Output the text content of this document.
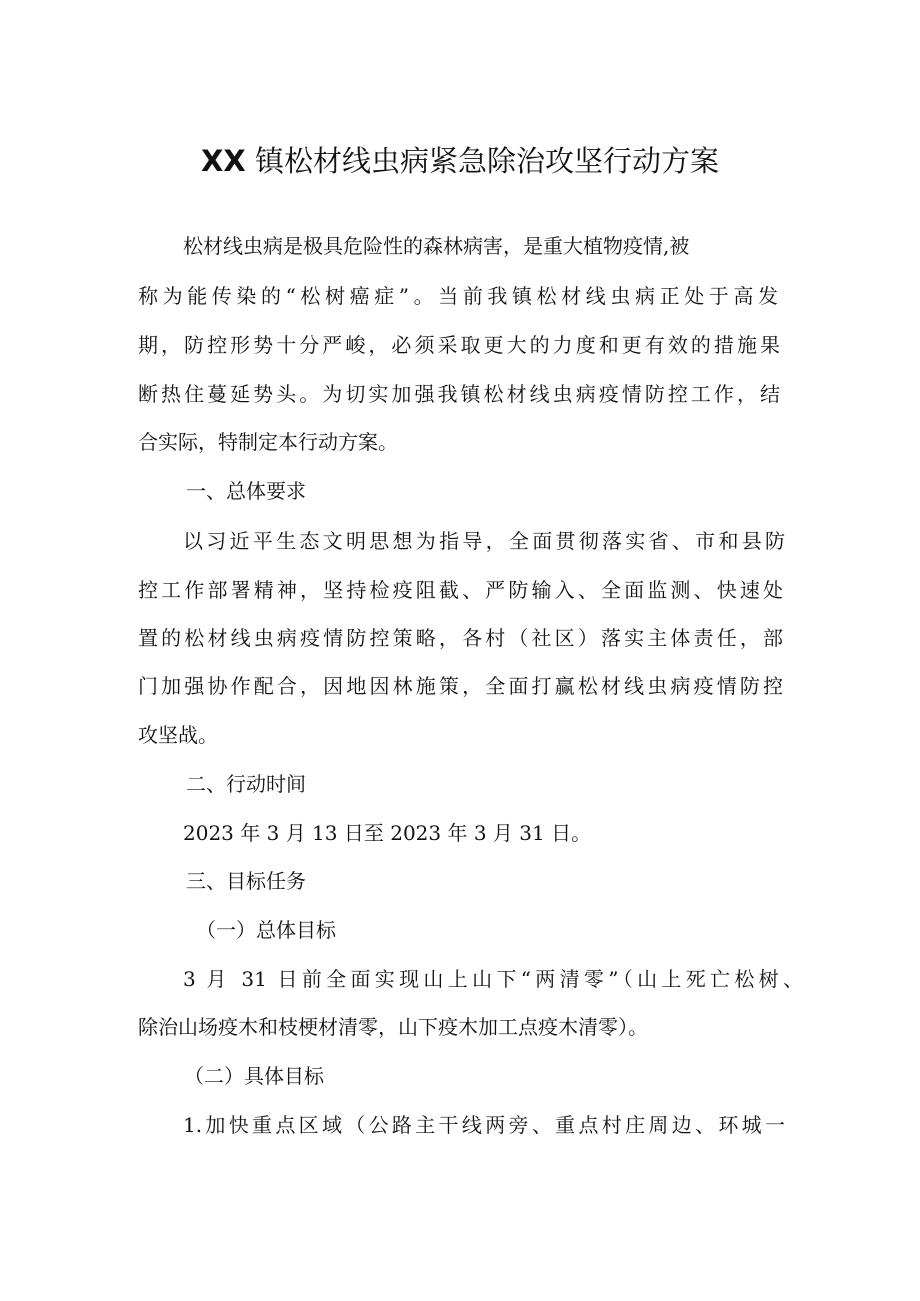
XX 镇松材线虫病紧急除治攻坚行动方案
松材线虫病是极具危险性的森林病害，是重大植物疫情,被
称为能传染的“松树癌症”。当前我镇松材线虫病正处于高发
期，防控形势十分严峻，必须采取更大的力度和更有效的措施果
断热住蔓延势头。为切实加强我镇松材线虫病疫情防控工作，结
合实际，特制定本行动方案。
一、总体要求
以习近平生态文明思想为指导，全面贯彻落实省、市和县防
控工作部署精神，坚持检疫阻截、严防输入、全面监测、快速处
置的松材线虫病疫情防控策略，各村（社区）落实主体责任，部
门加强协作配合，因地因林施策，全面打赢松材线虫病疫情防控
攻坚战。
二、行动时间
2023 年 3 月 13 日至 2023 年 3 月 31 日。
三、目标任务
（一）总体目标
3 月 31 日前全面实现山上山下“两清零”（山上死亡松树、
除治山场疫木和枝梗材清零，山下疫木加工点疫木清零）。
（二）具体目标
1.加快重点区域（公路主干线两旁、重点村庄周边、环城一
